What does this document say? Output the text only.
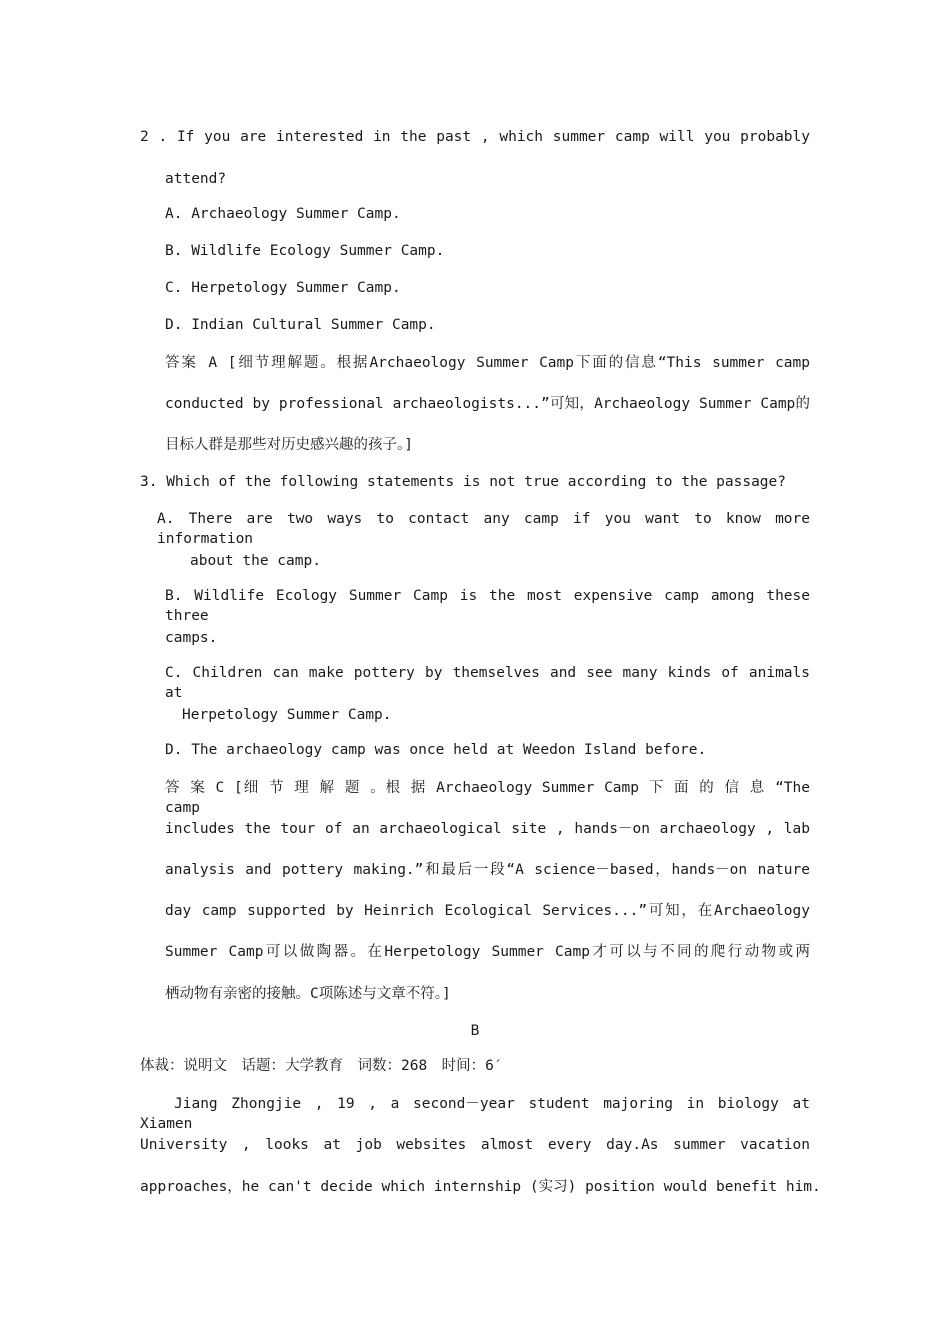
2 . If you are interested in the past , which summer camp will you probably
attend?
A. Archaeology Summer Camp.
B. Wildlife Ecology Summer Camp.
C. Herpetology Summer Camp.
D. Indian Cultural Summer Camp.
答案 A [细节理解题。根据Archaeology Summer Camp下面的信息“This summer camp
conducted by professional archaeologists...”可知，Archaeology Summer Camp的
目标人群是那些对历史感兴趣的孩子。]
3. Which of the following statements is not true according to the passage?
A. There are two ways to contact any camp if you want to know more information
about the camp.
B. Wildlife Ecology Summer Camp is the most expensive camp among these three
camps.
C. Children can make pottery by themselves and see many kinds of animals at
Herpetology Summer Camp.
D. The archaeology camp was once held at Weedon Island before.
答 案 C [细 节 理 解 题 。根 据 Archaeology Summer Camp 下 面 的 信 息 “The camp
includes the tour of an archaeological site , hands－on archaeology , lab
analysis and pottery making.”和最后一段“A science－based，hands－on nature
day camp supported by Heinrich Ecological Services...”可知，在Archaeology
Summer Camp可以做陶器。在Herpetology Summer Camp才可以与不同的爬行动物或两
栖动物有亲密的接触。C项陈述与文章不符。]
B
体裁：说明文　话题：大学教育　词数：268　时间：6′
Jiang Zhongjie , 19 , a second－year student majoring in biology at Xiamen
University , looks at job websites almost every day.As summer vacation
approaches，he can't decide which internship (实习) position would benefit him.
